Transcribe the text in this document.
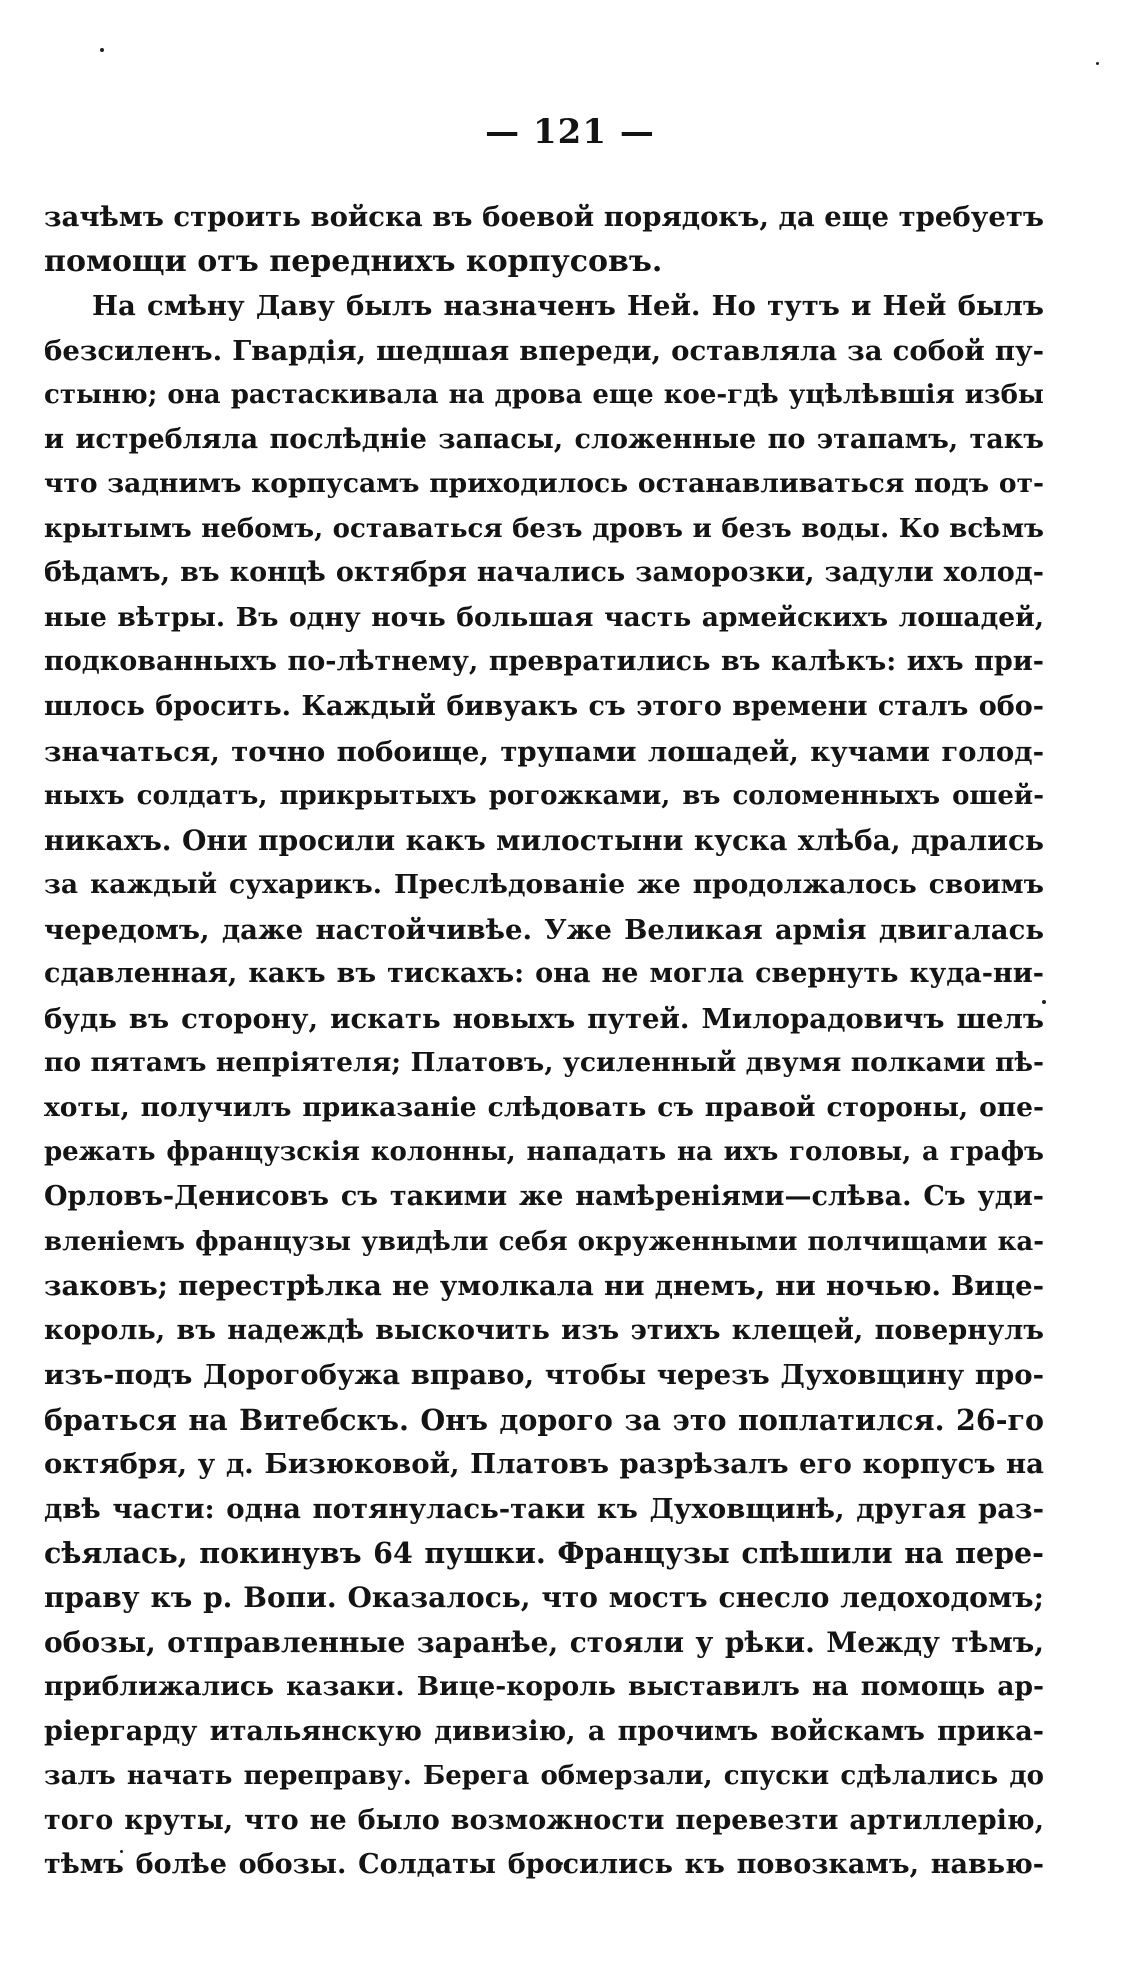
— 121 —
зачѣмъ строить войска въ боевой порядокъ, да еще требуетъ
помощи отъ переднихъ корпусовъ.
На смѣну Даву былъ назначенъ Ней. Но тутъ и Ней былъ
безсиленъ. Гвардія, шедшая впереди, оставляла за собой пу-
стыню; она растаскивала на дрова еще кое-гдѣ уцѣлѣвшія избы
и истребляла послѣдніе запасы, сложенные по этапамъ, такъ
что заднимъ корпусамъ приходилось останавливаться подъ от-
крытымъ небомъ, оставаться безъ дровъ и безъ воды. Ко всѣмъ
бѣдамъ, въ концѣ октября начались заморозки, задули холод-
ные вѣтры. Въ одну ночь большая часть армейскихъ лошадей,
подкованныхъ по-лѣтнему, превратились въ калѣкъ: ихъ при-
шлось бросить. Каждый бивуакъ съ этого времени сталъ обо-
значаться, точно побоище, трупами лошадей, кучами голод-
ныхъ солдатъ, прикрытыхъ рогожками, въ соломенныхъ ошей-
никахъ. Они просили какъ милостыни куска хлѣба, дрались
за каждый сухарикъ. Преслѣдованіе же продолжалось своимъ
чередомъ, даже настойчивѣе. Уже Великая армія двигалась
сдавленная, какъ въ тискахъ: она не могла свернуть куда-ни-
будь въ сторону, искать новыхъ путей. Милорадовичъ шелъ
по пятамъ непріятеля; Платовъ, усиленный двумя полками пѣ-
хоты, получилъ приказаніе слѣдовать съ правой стороны, опе-
режать французскія колонны, нападать на ихъ головы, а графъ
Орловъ-Денисовъ съ такими же намѣреніями—слѣва. Съ уди-
вленіемъ французы увидѣли себя окруженными полчищами ка-
заковъ; перестрѣлка не умолкала ни днемъ, ни ночью. Вице-
король, въ надеждѣ выскочить изъ этихъ клещей, повернулъ
изъ-подъ Дорогобужа вправо, чтобы черезъ Духовщину про-
браться на Витебскъ. Онъ дорого за это поплатился. 26-го
октября, у д. Бизюковой, Платовъ разрѣзалъ его корпусъ на
двѣ части: одна потянулась-таки къ Духовщинѣ, другая раз-
сѣялась, покинувъ 64 пушки. Французы спѣшили на пере-
праву къ р. Вопи. Оказалось, что мостъ снесло ледоходомъ;
обозы, отправленные заранѣе, стояли у рѣки. Между тѣмъ,
приближались казаки. Вице-король выставилъ на помощь ар-
ріергарду итальянскую дивизію, а прочимъ войскамъ прика-
залъ начать переправу. Берега обмерзали, спуски сдѣлались до
того круты, что не было возможности перевезти артиллерію,
тѣмъ болѣе обозы. Солдаты бросились къ повозкамъ, навью-
